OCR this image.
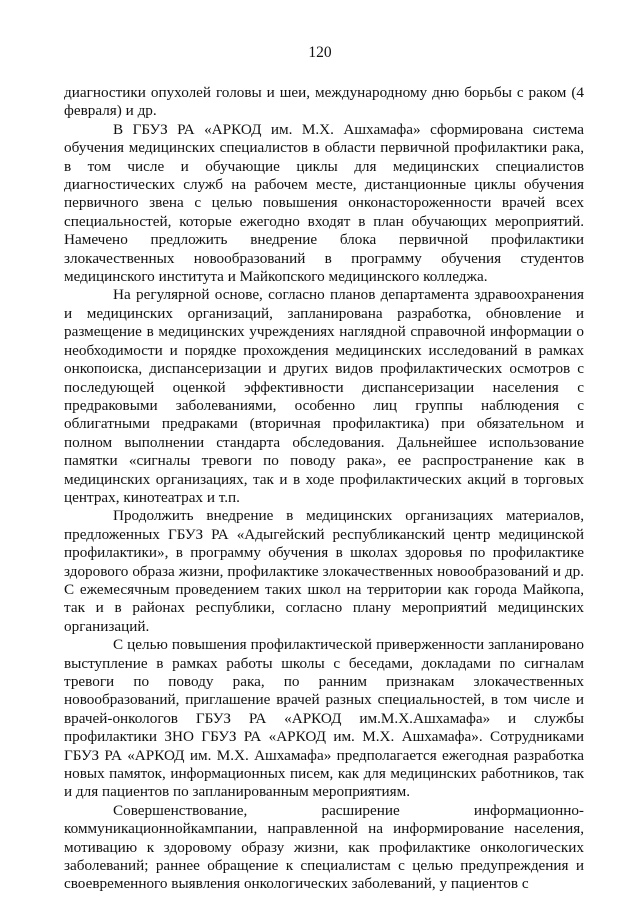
120

диагностики опухолей головы и шеи, международному дню борьбы с раком (4 февраля) и др.

В ГБУЗ РА «АРКОД им. М.Х. Ашхамафа» сформирована система обучения медицинских специалистов в области первичной профилактики рака, в том числе и обучающие циклы для медицинских специалистов диагностических служб на рабочем месте, дистанционные циклы обучения первичного звена с целью повышения онконастороженности врачей всех специальностей, которые ежегодно входят в план обучающих мероприятий. Намечено предложить внедрение блока первичной профилактики злокачественных новообразований в программу обучения студентов медицинского института и Майкопского медицинского колледжа.

На регулярной основе, согласно планов департамента здравоохранения и медицинских организаций, запланирована разработка, обновление и размещение в медицинских учреждениях наглядной справочной информации о необходимости и порядке прохождения медицинских исследований в рамках онкопоиска, диспансеризации и других видов профилактических осмотров с последующей оценкой эффективности диспансеризации населения с предраковыми заболеваниями, особенно лиц группы наблюдения с облигатными предраками (вторичная профилактика) при обязательном и полном выполнении стандарта обследования. Дальнейшее использование памятки «сигналы тревоги по поводу рака», ее распространение как в медицинских организациях, так и в ходе профилактических акций в торговых центрах, кинотеатрах и т.п.

Продолжить внедрение в медицинских организациях материалов, предложенных ГБУЗ РА «Адыгейский республиканский центр медицинской профилактики», в программу обучения в школах здоровья по профилактике здорового образа жизни, профилактике злокачественных новообразований и др. С ежемесячным проведением таких школ на территории как города Майкопа, так и в районах республики, согласно плану мероприятий медицинских организаций.

С целью повышения профилактической приверженности запланировано выступление в рамках работы школы с беседами, докладами по сигналам тревоги по поводу рака, по ранним признакам злокачественных новообразований, приглашение врачей разных специальностей, в том числе и врачей-онкологов ГБУЗ РА «АРКОД им.М.Х.Ашхамафа» и службы профилактики ЗНО ГБУЗ РА «АРКОД им. М.Х. Ашхамафа». Сотрудниками ГБУЗ РА «АРКОД им. М.Х. Ашхамафа» предполагается ежегодная разработка новых памяток, информационных писем, как для медицинских работников, так и для пациентов по запланированным мероприятиям.

Совершенствование, расширение информационно-коммуникационнойкампании, направленной на информирование населения, мотивацию к здоровому образу жизни, как профилактике онкологических заболеваний; раннее обращение к специалистам с целью предупреждения и своевременного выявления онкологических заболеваний, у пациентов с
